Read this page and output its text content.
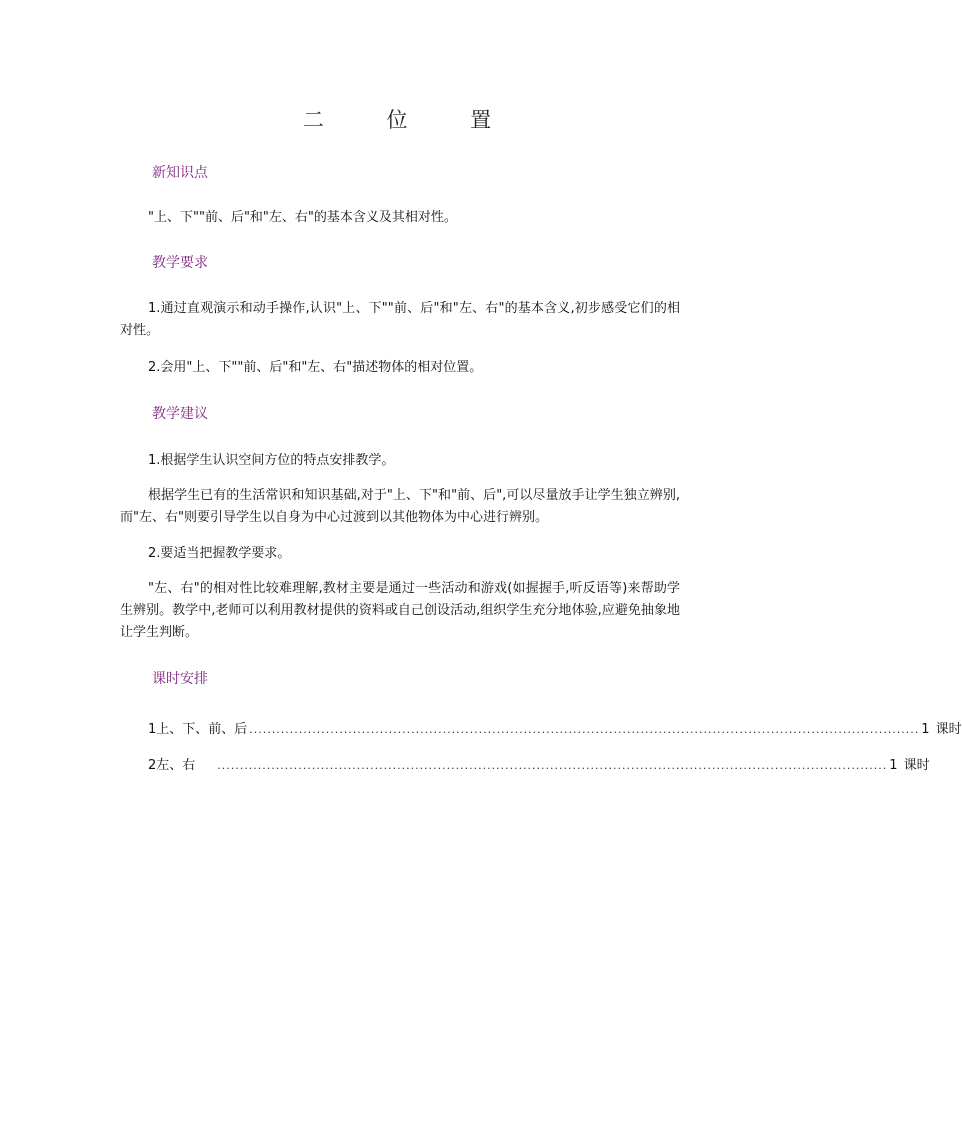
二 位 置
新知识点
"上、下""前、后"和"左、右"的基本含义及其相对性。
教学要求
1.通过直观演示和动手操作,认识"上、下""前、后"和"左、右"的基本含义,初步感受它们的相对性。
2.会用"上、下""前、后"和"左、右"描述物体的相对位置。
教学建议
1.根据学生认识空间方位的特点安排教学。
根据学生已有的生活常识和知识基础,对于"上、下"和"前、后",可以尽量放手让学生独立辨别,而"左、右"则要引导学生以自身为中心过渡到以其他物体为中心进行辨别。
2.要适当把握教学要求。
"左、右"的相对性比较难理解,教材主要是通过一些活动和游戏(如握握手,听反语等)来帮助学生辨别。教学中,老师可以利用教材提供的资料或自己创设活动,组织学生充分地体验,应避免抽象地让学生判断。
课时安排
1 上、下、前、后 ..................................................................................................................................................... 1 课时
2 左、右 ..................................................................................................................................................... 1 课时
